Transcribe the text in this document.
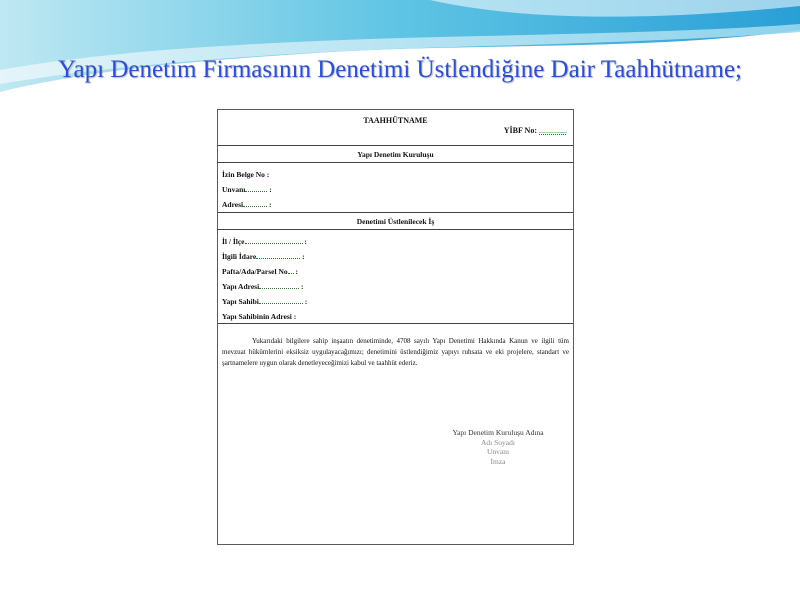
Yapı Denetim Firmasının Denetimi Üstlendiğine Dair Taahhütname;
TAAHHÜTNAME
YİBF No: ..............
Yapı Denetim Kuruluşu
İzin Belge No :
Unvanı	:
Adresi	:
Denetimi Üstlenilecek İş
İl / İlçe	:
İlgili İdare	:
Pafta/Ada/Parsel No :
Yapı Adresi	:
Yapı Sahibi	:
Yapı Sahibinin Adresi :
Yukarıdaki bilgilere sahip inşaatın denetiminde, 4708 sayılı Yapı Denetimi Hakkında Kanun ve ilgili tüm mevzuat hükümlerini eksiksiz uygulayacağımızı; denetimini üstlendiğimiz yapıyı ruhsata ve eki projelere, standart ve şartnamelere uygun olarak denetleyeceğimizi kabul ve taahhüt ederiz.
Yapı Denetim Kuruluşu Adına
Adı Soyadı
Unvanı
İmza
